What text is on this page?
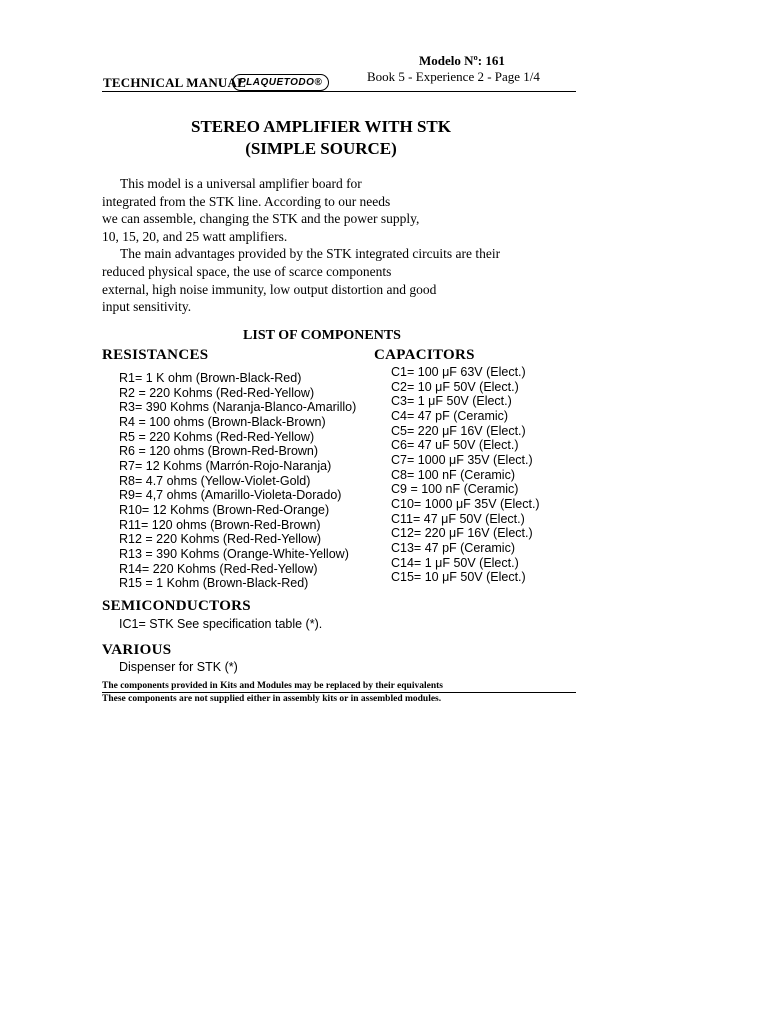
Modelo Nº: 161
Book 5 - Experience 2 - Page 1/4
TECHNICAL MANUAL
PLAQUETODO®
STEREO AMPLIFIER WITH STK
(SIMPLE SOURCE)
This model is a universal amplifier board for
integrated from the STK line. According to our needs
we can assemble, changing the STK and the power supply,
10, 15, 20, and 25 watt amplifiers.
The main advantages provided by the STK integrated circuits are their
reduced physical space, the use of scarce components
external, high noise immunity, low output distortion and good
input sensitivity.
LIST OF COMPONENTS
RESISTANCES	CAPACITORS
R1= 1 K ohm (Brown-Black-Red)
R2 = 220 Kohms (Red-Red-Yellow)
R3= 390 Kohms (Naranja-Blanco-Amarillo)
R4 = 100 ohms (Brown-Black-Brown)
R5 = 220 Kohms (Red-Red-Yellow)
R6 = 120 ohms (Brown-Red-Brown)
R7= 12 Kohms (Marrón-Rojo-Naranja)
R8= 4.7 ohms (Yellow-Violet-Gold)
R9= 4,7 ohms (Amarillo-Violeta-Dorado)
R10= 12 Kohms (Brown-Red-Orange)
R11= 120 ohms (Brown-Red-Brown)
R12 = 220 Kohms (Red-Red-Yellow)
R13 = 390 Kohms (Orange-White-Yellow)
R14= 220 Kohms (Red-Red-Yellow)
R15 = 1 Kohm (Brown-Black-Red)
C1= 100 μF 63V (Elect.)
C2= 10 μF 50V (Elect.)
C3= 1 μF 50V (Elect.)
C4= 47 pF (Ceramic)
C5= 220 μF 16V (Elect.)
C6= 47 uF 50V (Elect.)
C7= 1000 μF 35V (Elect.)
C8= 100 nF (Ceramic)
C9 = 100 nF (Ceramic)
C10= 1000 μF 35V (Elect.)
C11= 47 μF 50V (Elect.)
C12= 220 μF 16V (Elect.)
C13= 47 pF (Ceramic)
C14= 1 μF 50V (Elect.)
C15= 10 μF 50V (Elect.)
SEMICONDUCTORS
IC1= STK See specification table (*).
VARIOUS
Dispenser for STK (*)
The components provided in Kits and Modules may be replaced by their equivalents
These components are not supplied either in assembly kits or in assembled modules.
